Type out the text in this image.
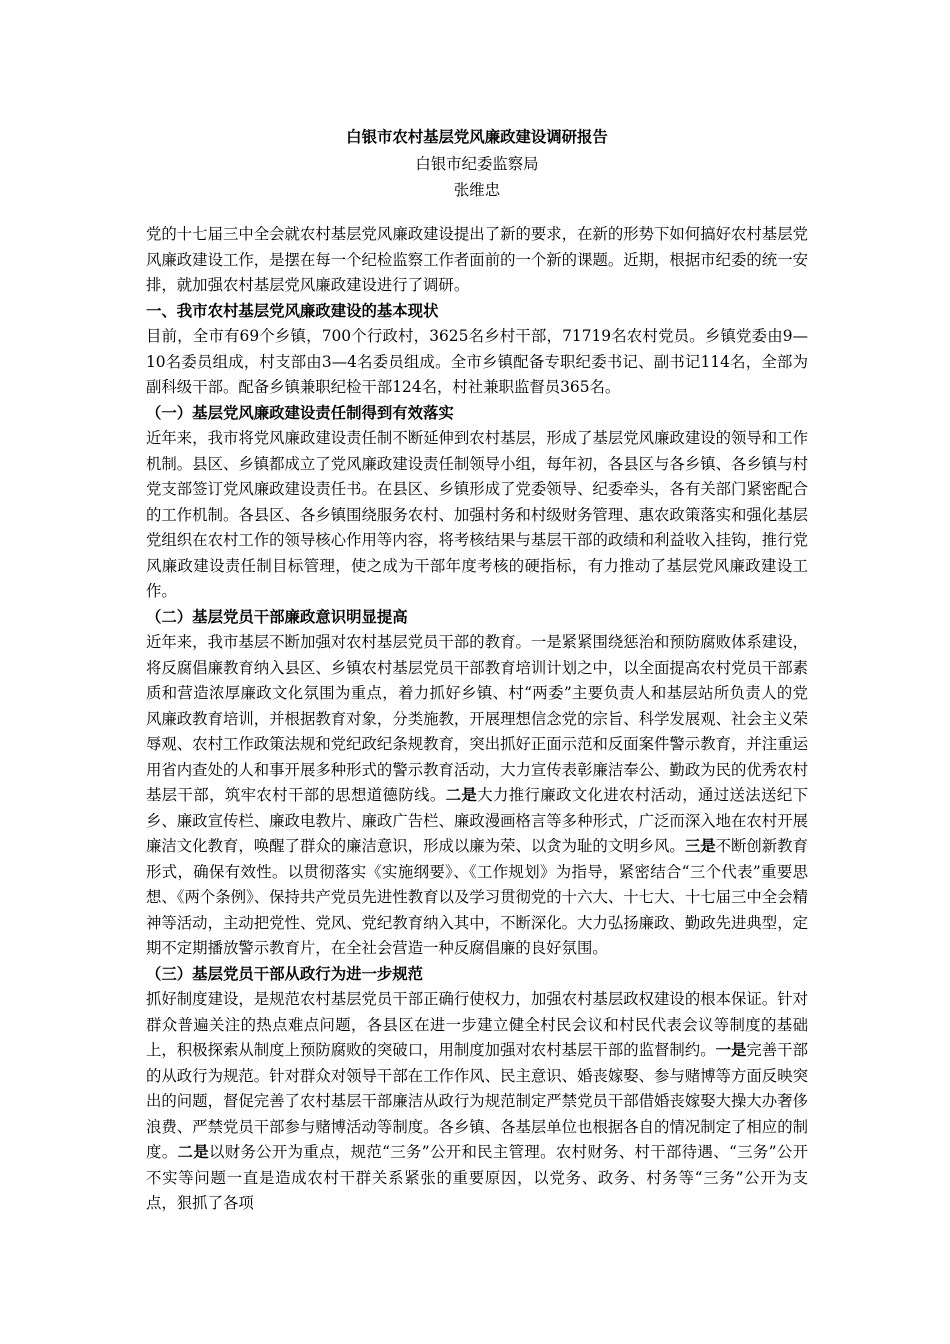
白银市农村基层党风廉政建设调研报告
白银市纪委监察局
张维忠

党的十七届三中全会就农村基层党风廉政建设提出了新的要求，在新的形势下如何搞好农村基层党风廉政建设工作，是摆在每一个纪检监察工作者面前的一个新的课题。近期，根据市纪委的统一安排，就加强农村基层党风廉政建设进行了调研。

一、我市农村基层党风廉政建设的基本现状

目前，全市有69个乡镇，700个行政村，3625名乡村干部，71719名农村党员。乡镇党委由9—10名委员组成，村支部由3—4名委员组成。全市乡镇配备专职纪委书记、副书记114名，全部为副科级干部。配备乡镇兼职纪检干部124名，村社兼职监督员365名。

（一）基层党风廉政建设责任制得到有效落实

近年来，我市将党风廉政建设责任制不断延伸到农村基层，形成了基层党风廉政建设的领导和工作机制。县区、乡镇都成立了党风廉政建设责任制领导小组，每年初，各县区与各乡镇、各乡镇与村党支部签订党风廉政建设责任书。在县区、乡镇形成了党委领导、纪委牵头，各有关部门紧密配合的工作机制。各县区、各乡镇围绕服务农村、加强村务和村级财务管理、惠农政策落实和强化基层党组织在农村工作的领导核心作用等内容，将考核结果与基层干部的政绩和利益收入挂钩，推行党风廉政建设责任制目标管理，使之成为干部年度考核的硬指标，有力推动了基层党风廉政建设工作。

（二）基层党员干部廉政意识明显提高

近年来，我市基层不断加强对农村基层党员干部的教育。一是紧紧围绕惩治和预防腐败体系建设，将反腐倡廉教育纳入县区、乡镇农村基层党员干部教育培训计划之中，以全面提高农村党员干部素质和营造浓厚廉政文化氛围为重点，着力抓好乡镇、村“两委”主要负责人和基层站所负责人的党风廉政教育培训，并根据教育对象，分类施教，开展理想信念党的宗旨、科学发展观、社会主义荣辱观、农村工作政策法规和党纪政纪条规教育，突出抓好正面示范和反面案件警示教育，并注重运用省内查处的人和事开展多种形式的警示教育活动，大力宣传表彰廉洁奉公、勤政为民的优秀农村基层干部，筑牢农村干部的思想道德防线。二是大力推行廉政文化进农村活动，通过送法送纪下乡、廉政宣传栏、廉政电教片、廉政广告栏、廉政漫画格言等多种形式，广泛而深入地在农村开展廉洁文化教育，唤醒了群众的廉洁意识，形成以廉为荣、以贪为耻的文明乡风。三是不断创新教育形式，确保有效性。以贯彻落实《实施纲要》、《工作规划》为指导，紧密结合“三个代表”重要思想、《两个条例》、保持共产党员先进性教育以及学习贯彻党的十六大、十七大、十七届三中全会精神等活动，主动把党性、党风、党纪教育纳入其中，不断深化。大力弘扬廉政、勤政先进典型，定期不定期播放警示教育片，在全社会营造一种反腐倡廉的良好氛围。

（三）基层党员干部从政行为进一步规范

抓好制度建设，是规范农村基层党员干部正确行使权力，加强农村基层政权建设的根本保证。针对群众普遍关注的热点难点问题，各县区在进一步建立健全村民会议和村民代表会议等制度的基础上，积极探索从制度上预防腐败的突破口，用制度加强对农村基层干部的监督制约。一是完善干部的从政行为规范。针对群众对领导干部在工作作风、民主意识、婚丧嫁娶、参与赌博等方面反映突出的问题，督促完善了农村基层干部廉洁从政行为规范制定严禁党员干部借婚丧嫁娶大操大办奢侈浪费、严禁党员干部参与赌博活动等制度。各乡镇、各基层单位也根据各自的情况制定了相应的制度。二是以财务公开为重点，规范“三务”公开和民主管理。农村财务、村干部待遇、“三务”公开不实等问题一直是造成农村干群关系紧张的重要原因，以党务、政务、村务等“三务”公开为支点，狠抓了各项
